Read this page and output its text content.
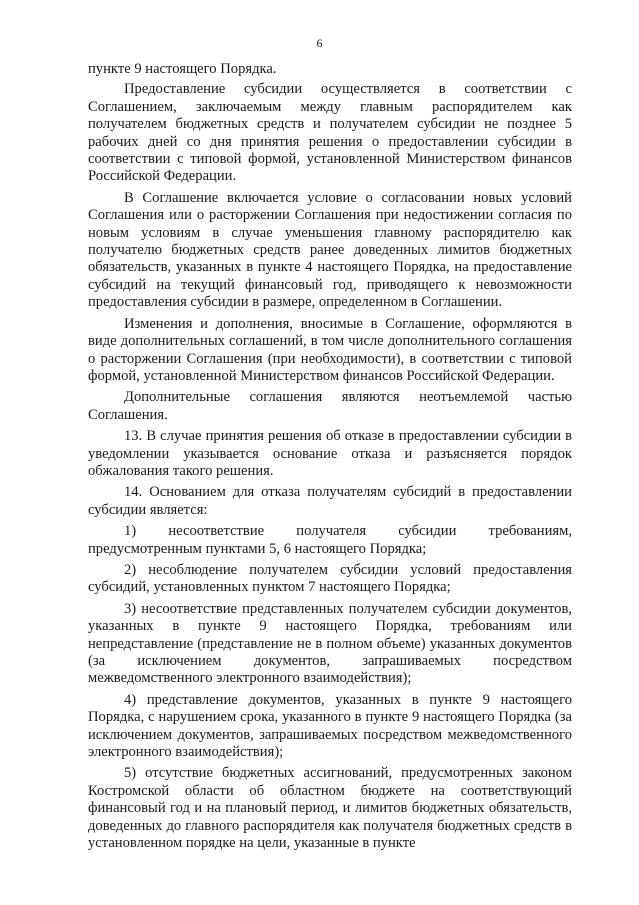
6

пункте 9 настоящего Порядка.

Предоставление субсидии осуществляется в соответствии с Соглашением, заключаемым между главным распорядителем как получателем бюджетных средств и получателем субсидии не позднее 5 рабочих дней со дня принятия решения о предоставлении субсидии в соответствии с типовой формой, установленной Министерством финансов Российской Федерации.

В Соглашение включается условие о согласовании новых условий Соглашения или о расторжении Соглашения при недостижении согласия по новым условиям в случае уменьшения главному распорядителю как получателю бюджетных средств ранее доведенных лимитов бюджетных обязательств, указанных в пункте 4 настоящего Порядка, на предоставление субсидий на текущий финансовый год, приводящего к невозможности предоставления субсидии в размере, определенном в Соглашении.

Изменения и дополнения, вносимые в Соглашение, оформляются в виде дополнительных соглашений, в том числе дополнительного соглашения о расторжении Соглашения (при необходимости), в соответствии с типовой формой, установленной Министерством финансов Российской Федерации.

Дополнительные соглашения являются неотъемлемой частью Соглашения.

13. В случае принятия решения об отказе в предоставлении субсидии в уведомлении указывается основание отказа и разъясняется порядок обжалования такого решения.

14. Основанием для отказа получателям субсидий в предоставлении субсидии является:

1) несоответствие получателя субсидии требованиям, предусмотренным пунктами 5, 6 настоящего Порядка;

2) несоблюдение получателем субсидии условий предоставления субсидий, установленных пунктом 7 настоящего Порядка;

3) несоответствие представленных получателем субсидии документов, указанных в пункте 9 настоящего Порядка, требованиям или непредставление (представление не в полном объеме) указанных документов (за исключением документов, запрашиваемых посредством межведомственного электронного взаимодействия);

4) представление документов, указанных в пункте 9 настоящего Порядка, с нарушением срока, указанного в пункте 9 настоящего Порядка (за исключением документов, запрашиваемых посредством межведомственного электронного взаимодействия);

5) отсутствие бюджетных ассигнований, предусмотренных законом Костромской области об областном бюджете на соответствующий финансовый год и на плановый период, и лимитов бюджетных обязательств, доведенных до главного распорядителя как получателя бюджетных средств в установленном порядке на цели, указанные в пункте
